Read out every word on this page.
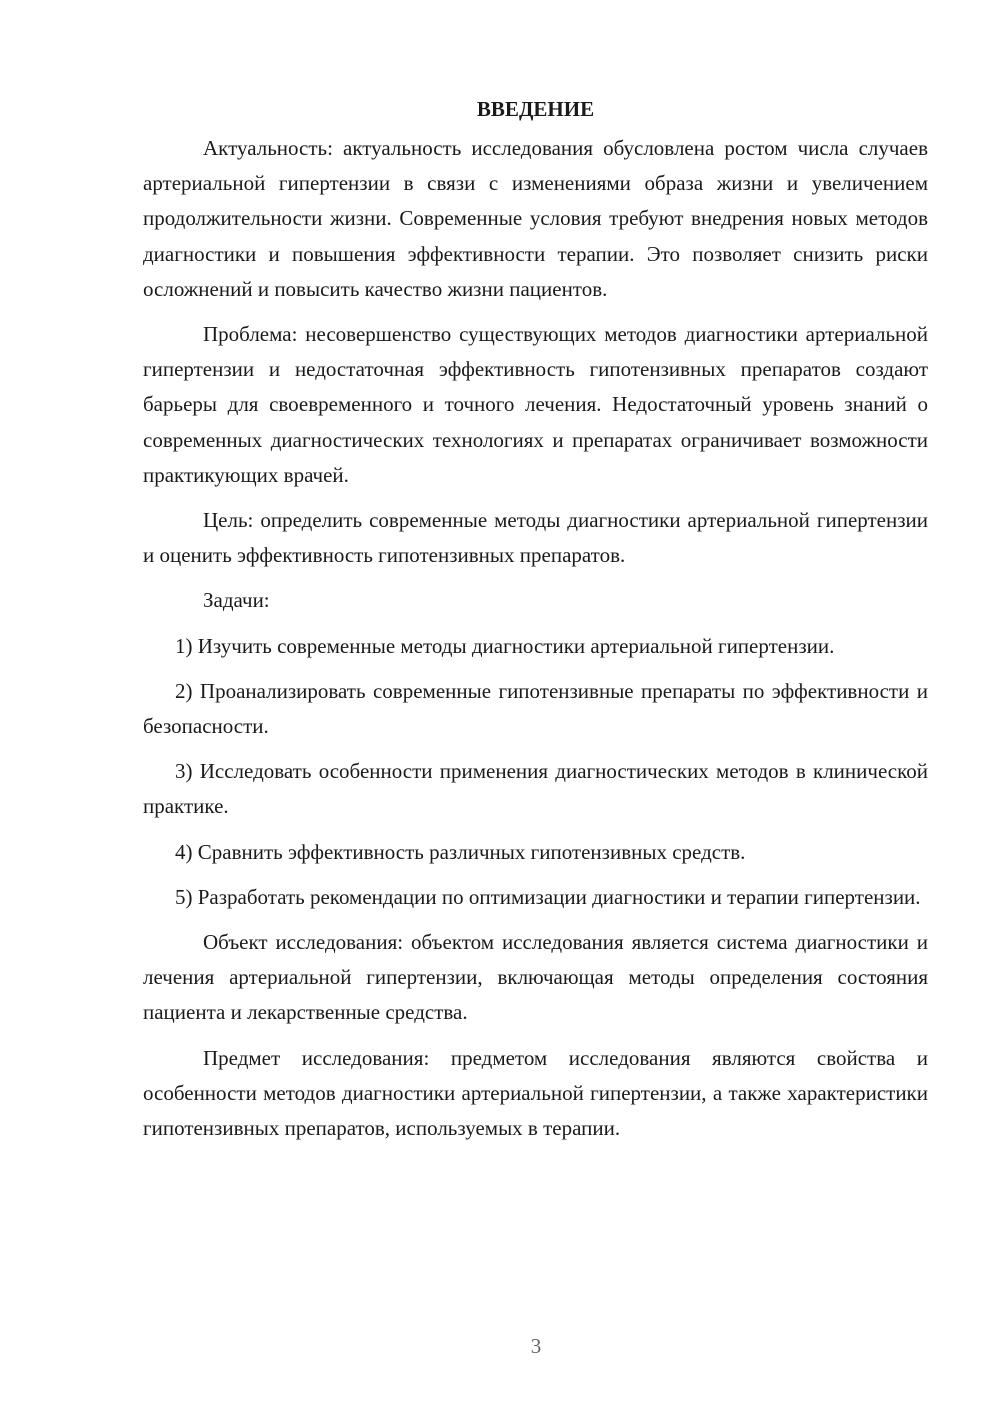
ВВЕДЕНИЕ

Актуальность: актуальность исследования обусловлена ростом числа случаев артериальной гипертензии в связи с изменениями образа жизни и увеличением продолжительности жизни. Современные условия требуют внедрения новых методов диагностики и повышения эффективности терапии. Это позволяет снизить риски осложнений и повысить качество жизни пациентов.

Проблема: несовершенство существующих методов диагностики артериальной гипертензии и недостаточная эффективность гипотензивных препаратов создают барьеры для своевременного и точного лечения. Недостаточный уровень знаний о современных диагностических технологиях и препаратах ограничивает возможности практикующих врачей.

Цель: определить современные методы диагностики артериальной гипертензии и оценить эффективность гипотензивных препаратов.

Задачи:

1) Изучить современные методы диагностики артериальной гипертензии.

2) Проанализировать современные гипотензивные препараты по эффективности и безопасности.

3) Исследовать особенности применения диагностических методов в клинической практике.

4) Сравнить эффективность различных гипотензивных средств.

5) Разработать рекомендации по оптимизации диагностики и терапии гипертензии.

Объект исследования: объектом исследования является система диагностики и лечения артериальной гипертензии, включающая методы определения состояния пациента и лекарственные средства.

Предмет исследования: предметом исследования являются свойства и особенности методов диагностики артериальной гипертензии, а также характеристики гипотензивных препаратов, используемых в терапии.

3
